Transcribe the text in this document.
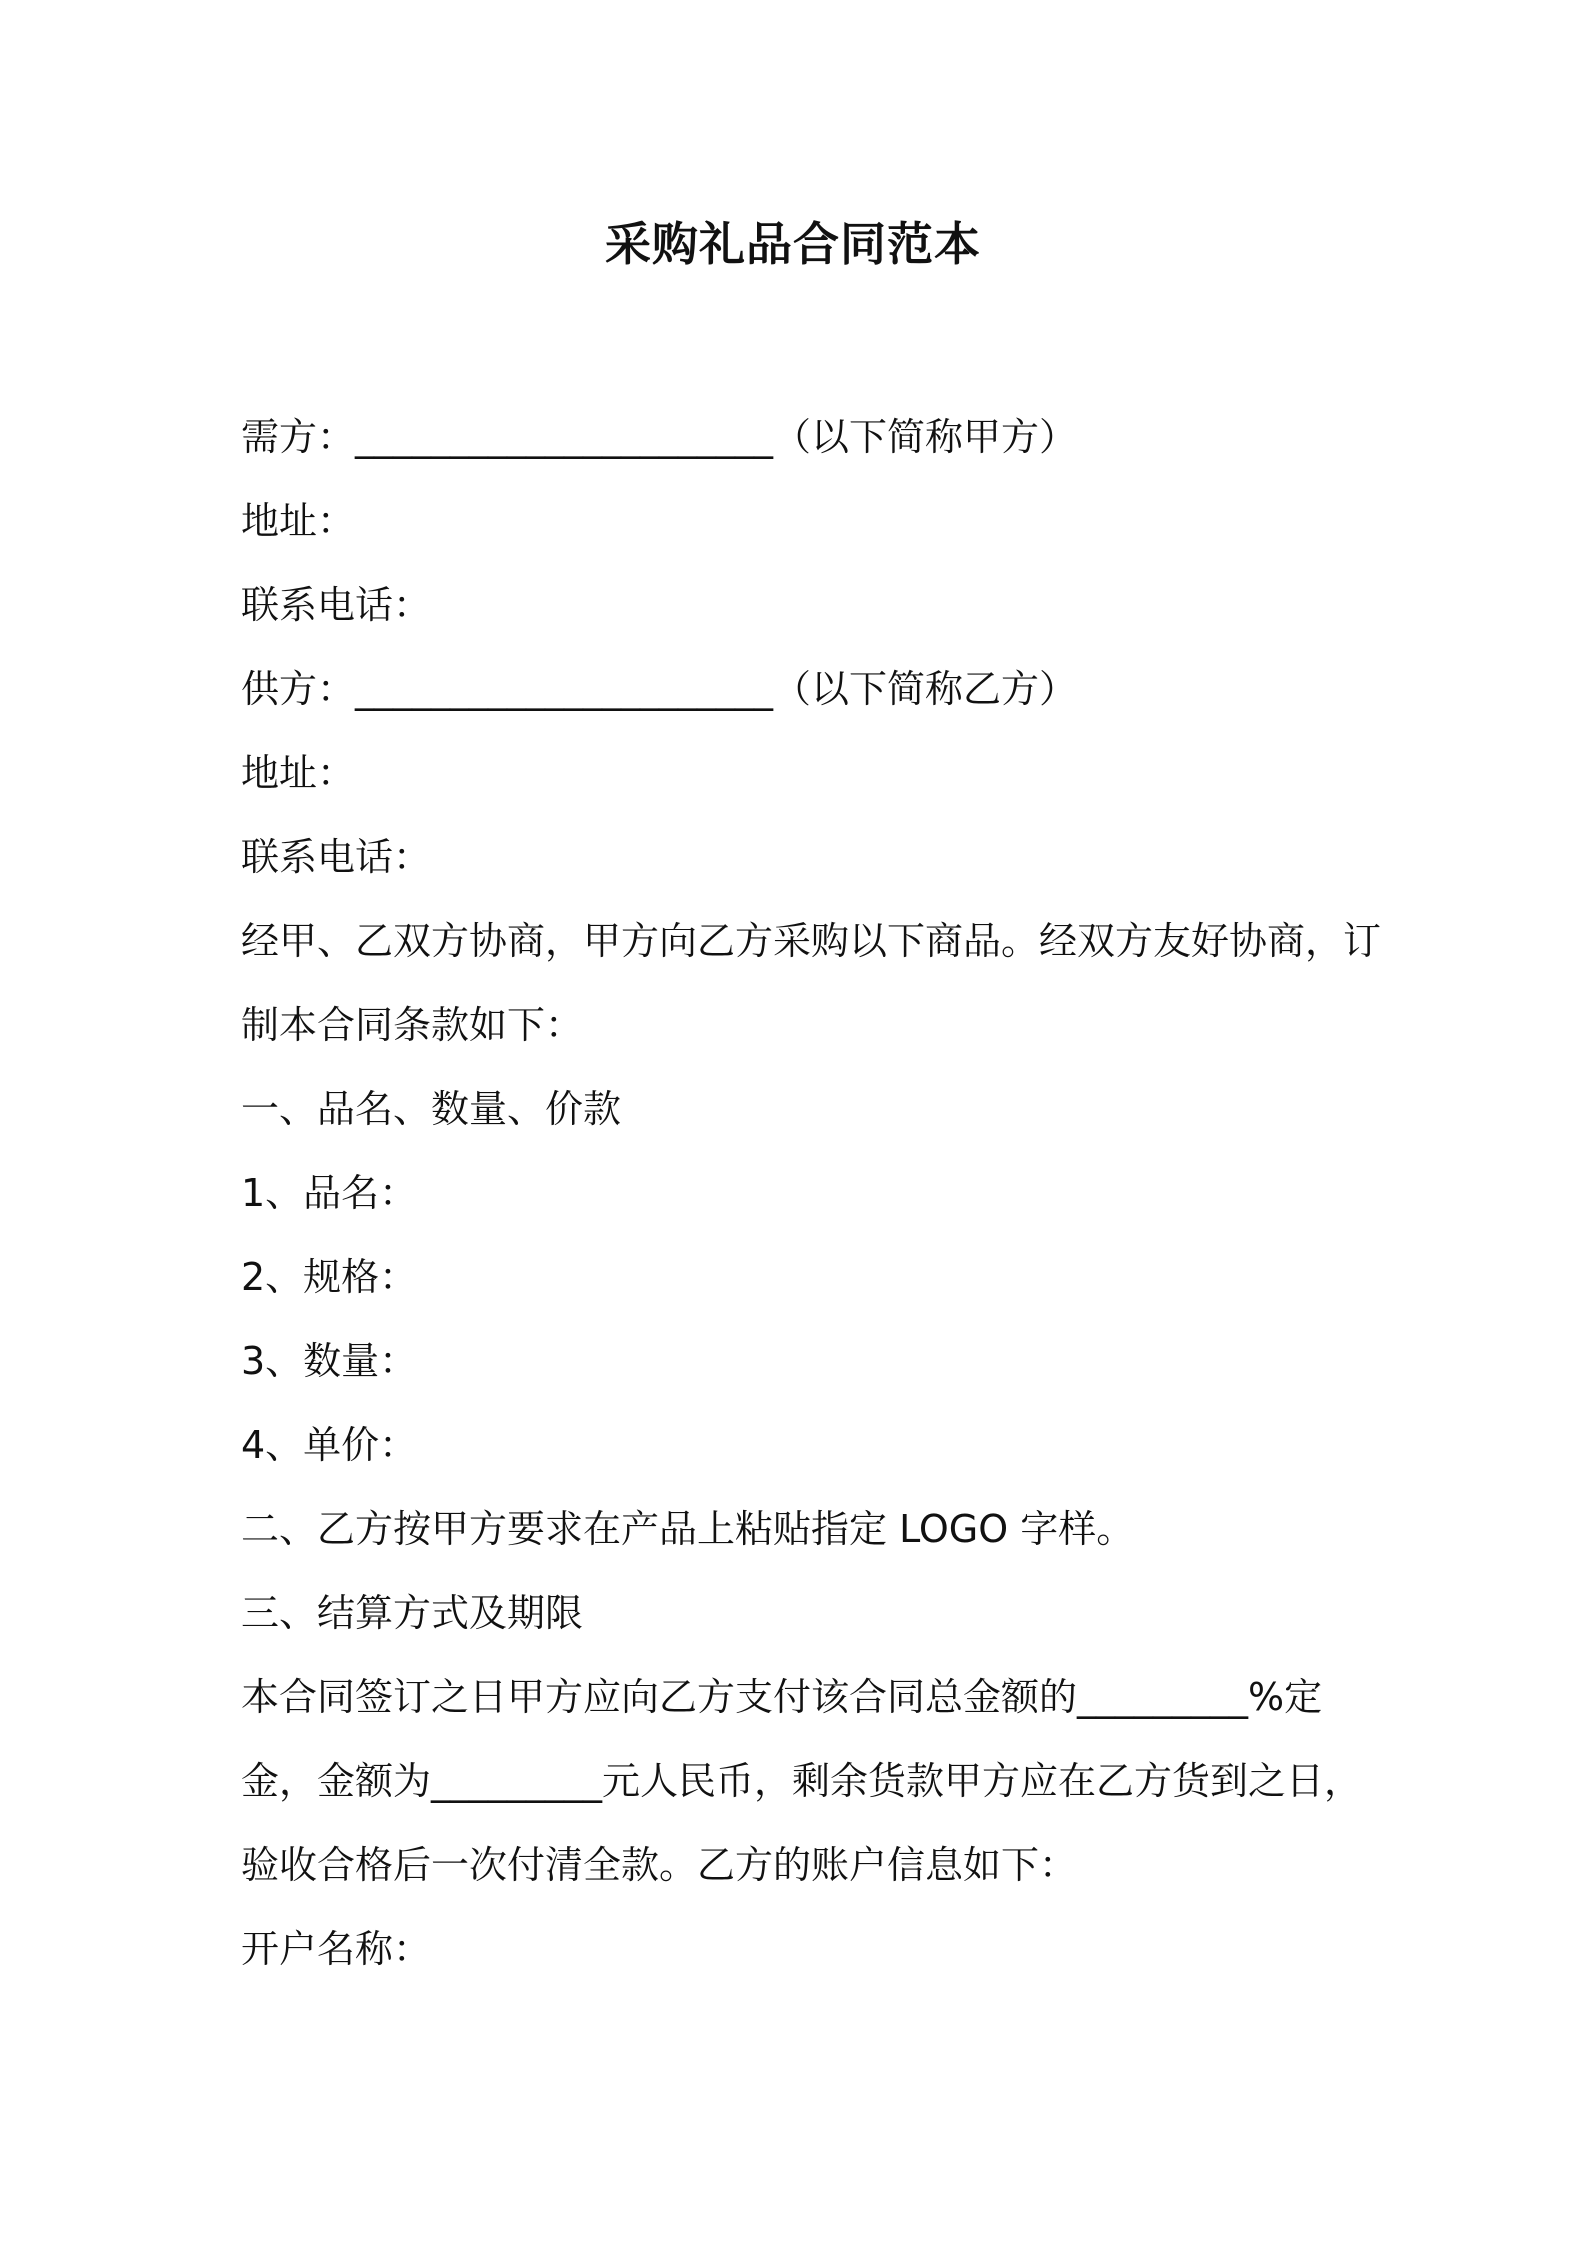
采购礼品合同范本
需方：______________________（以下简称甲方）
地址：
联系电话：
供方：______________________（以下简称乙方）
地址：
联系电话：
经甲、乙双方协商，甲方向乙方采购以下商品。经双方友好协商，订
制本合同条款如下：
一、品名、数量、价款
1、品名：
2、规格：
3、数量：
4、单价：
二、乙方按甲方要求在产品上粘贴指定 LOGO 字样。
三、结算方式及期限
本合同签订之日甲方应向乙方支付该合同总金额的_________%定
金，金额为_________元人民币，剩余货款甲方应在乙方货到之日，
验收合格后一次付清全款。乙方的账户信息如下：
开户名称：
